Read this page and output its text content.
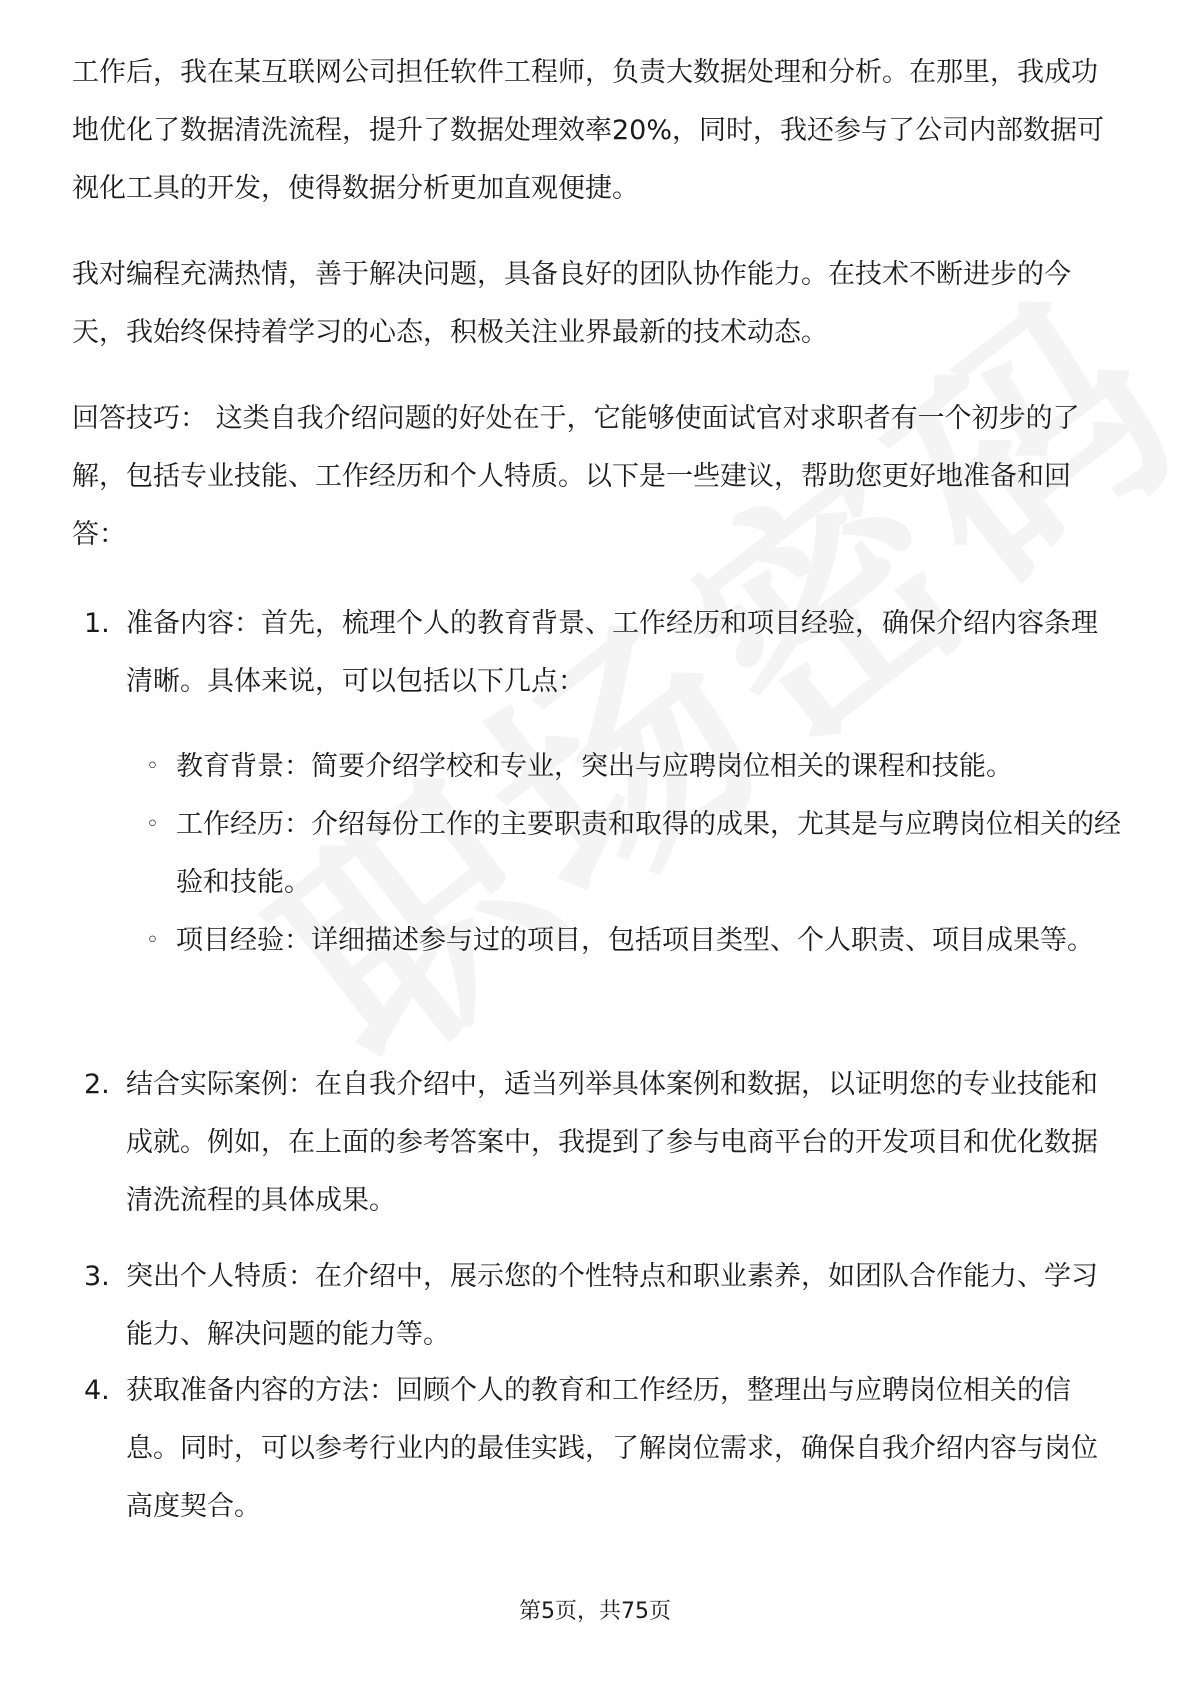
工作后，我在某互联网公司担任软件工程师，负责大数据处理和分析。在那里，我成功地优化了数据清洗流程，提升了数据处理效率20%，同时，我还参与了公司内部数据可视化工具的开发，使得数据分析更加直观便捷。

我对编程充满热情，善于解决问题，具备良好的团队协作能力。在技术不断进步的今天，我始终保持着学习的心态，积极关注业界最新的技术动态。

回答技巧： 这类自我介绍问题的好处在于，它能够使面试官对求职者有一个初步的了解，包括专业技能、工作经历和个人特质。以下是一些建议，帮助您更好地准备和回答：

1. 准备内容：首先，梳理个人的教育背景、工作经历和项目经验，确保介绍内容条理清晰。具体来说，可以包括以下几点：
◦ 教育背景：简要介绍学校和专业，突出与应聘岗位相关的课程和技能。
◦ 工作经历：介绍每份工作的主要职责和取得的成果，尤其是与应聘岗位相关的经验和技能。
◦ 项目经验：详细描述参与过的项目，包括项目类型、个人职责、项目成果等。
2. 结合实际案例：在自我介绍中，适当列举具体案例和数据，以证明您的专业技能和成就。例如，在上面的参考答案中，我提到了参与电商平台的开发项目和优化数据清洗流程的具体成果。
3. 突出个人特质：在介绍中，展示您的个性特点和职业素养，如团队合作能力、学习能力、解决问题的能力等。
4. 获取准备内容的方法：回顾个人的教育和工作经历，整理出与应聘岗位相关的信息。同时，可以参考行业内的最佳实践，了解岗位需求，确保自我介绍内容与岗位高度契合。
第5页，共75页
